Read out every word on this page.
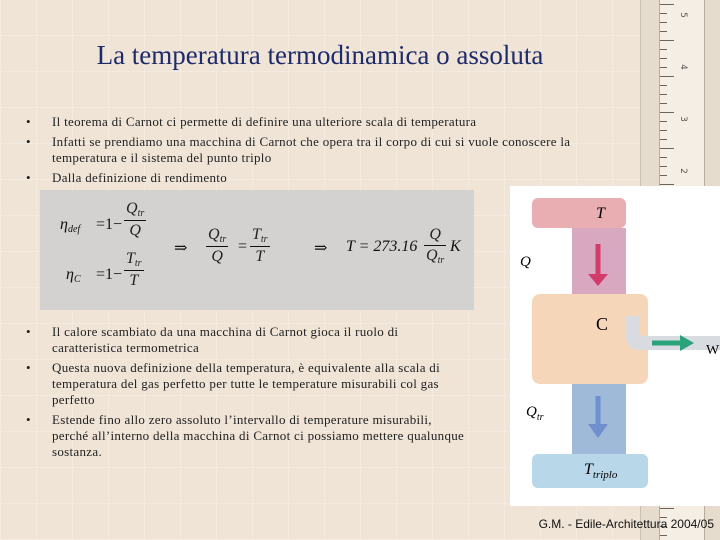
5
4
3
2
1
0
1
2
3
4
La temperatura termodinamica o assoluta
• Il teorema di Carnot ci permette di definire una ulteriore scala di temperatura
• Infatti se prendiamo una macchina di Carnot che opera tra il corpo di cui si vuole conoscere la temperatura e il sistema del punto triplo
• Dalla definizione di rendimento
$\eta_{def} =1-$
$Q_{tr}$
Q
$\eta_C =1-$
$T_{tr}$
T
⇒
$Q_{tr}$
Q
=
$T_{tr}$
T	⇒ T = 273.16
Q
$Q_{tr}$
K
• Il calore scambiato da una macchina di Carnot gioca il ruolo di caratteristica termometrica
• Questa nuova definizione della temperatura, è equivalente alla scala di temperatura del gas perfetto per tutte le temperature misurabili col gas perfetto
• Estende fino allo zero assoluto l’intervallo di temperature misurabili, perché all’interno della macchina di Carnot ci possiamo mettere qualunque sostanza.
T
C
$T_{triplo}$
Q
W
$Q_{tr}$
G.M. - Edile-Architettura 2004/05
